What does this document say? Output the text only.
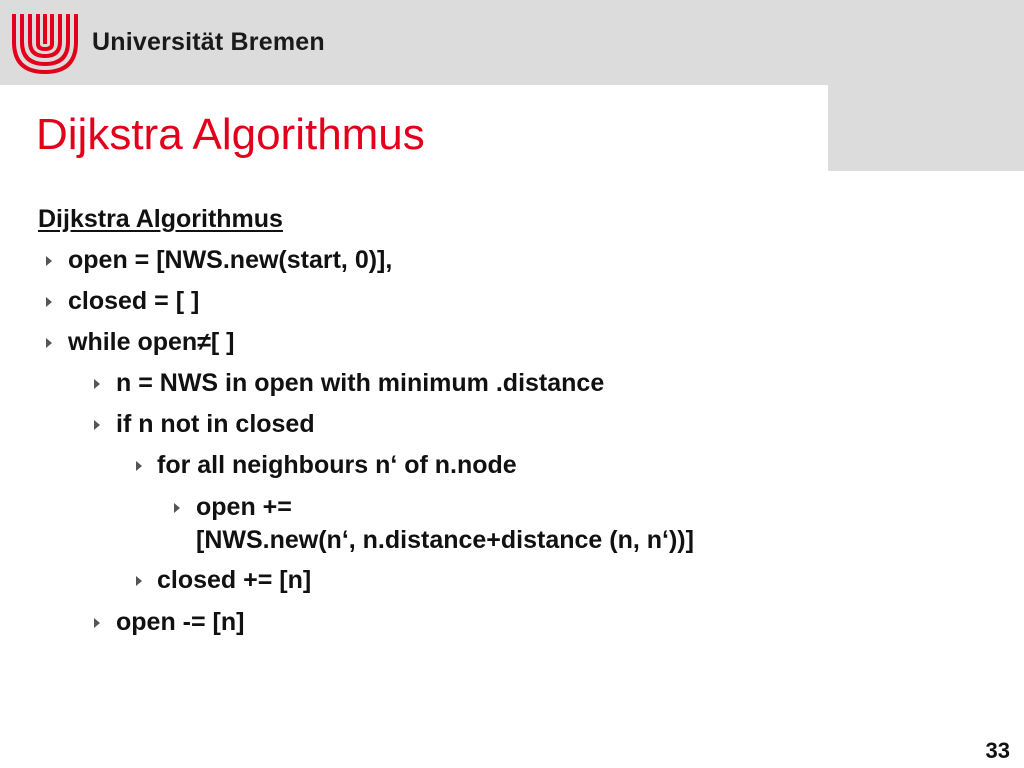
Universität Bremen
Dijkstra Algorithmus
Dijkstra Algorithmus
open = [NWS.new(start, 0)],
closed = [ ]
while open≠[ ]
n = NWS in open with minimum .distance
if n not in closed
for all neighbours n‘ of n.node
open +=
[NWS.new(n‘, n.distance+distance (n, n‘))]
closed += [n]
open -= [n]
33
